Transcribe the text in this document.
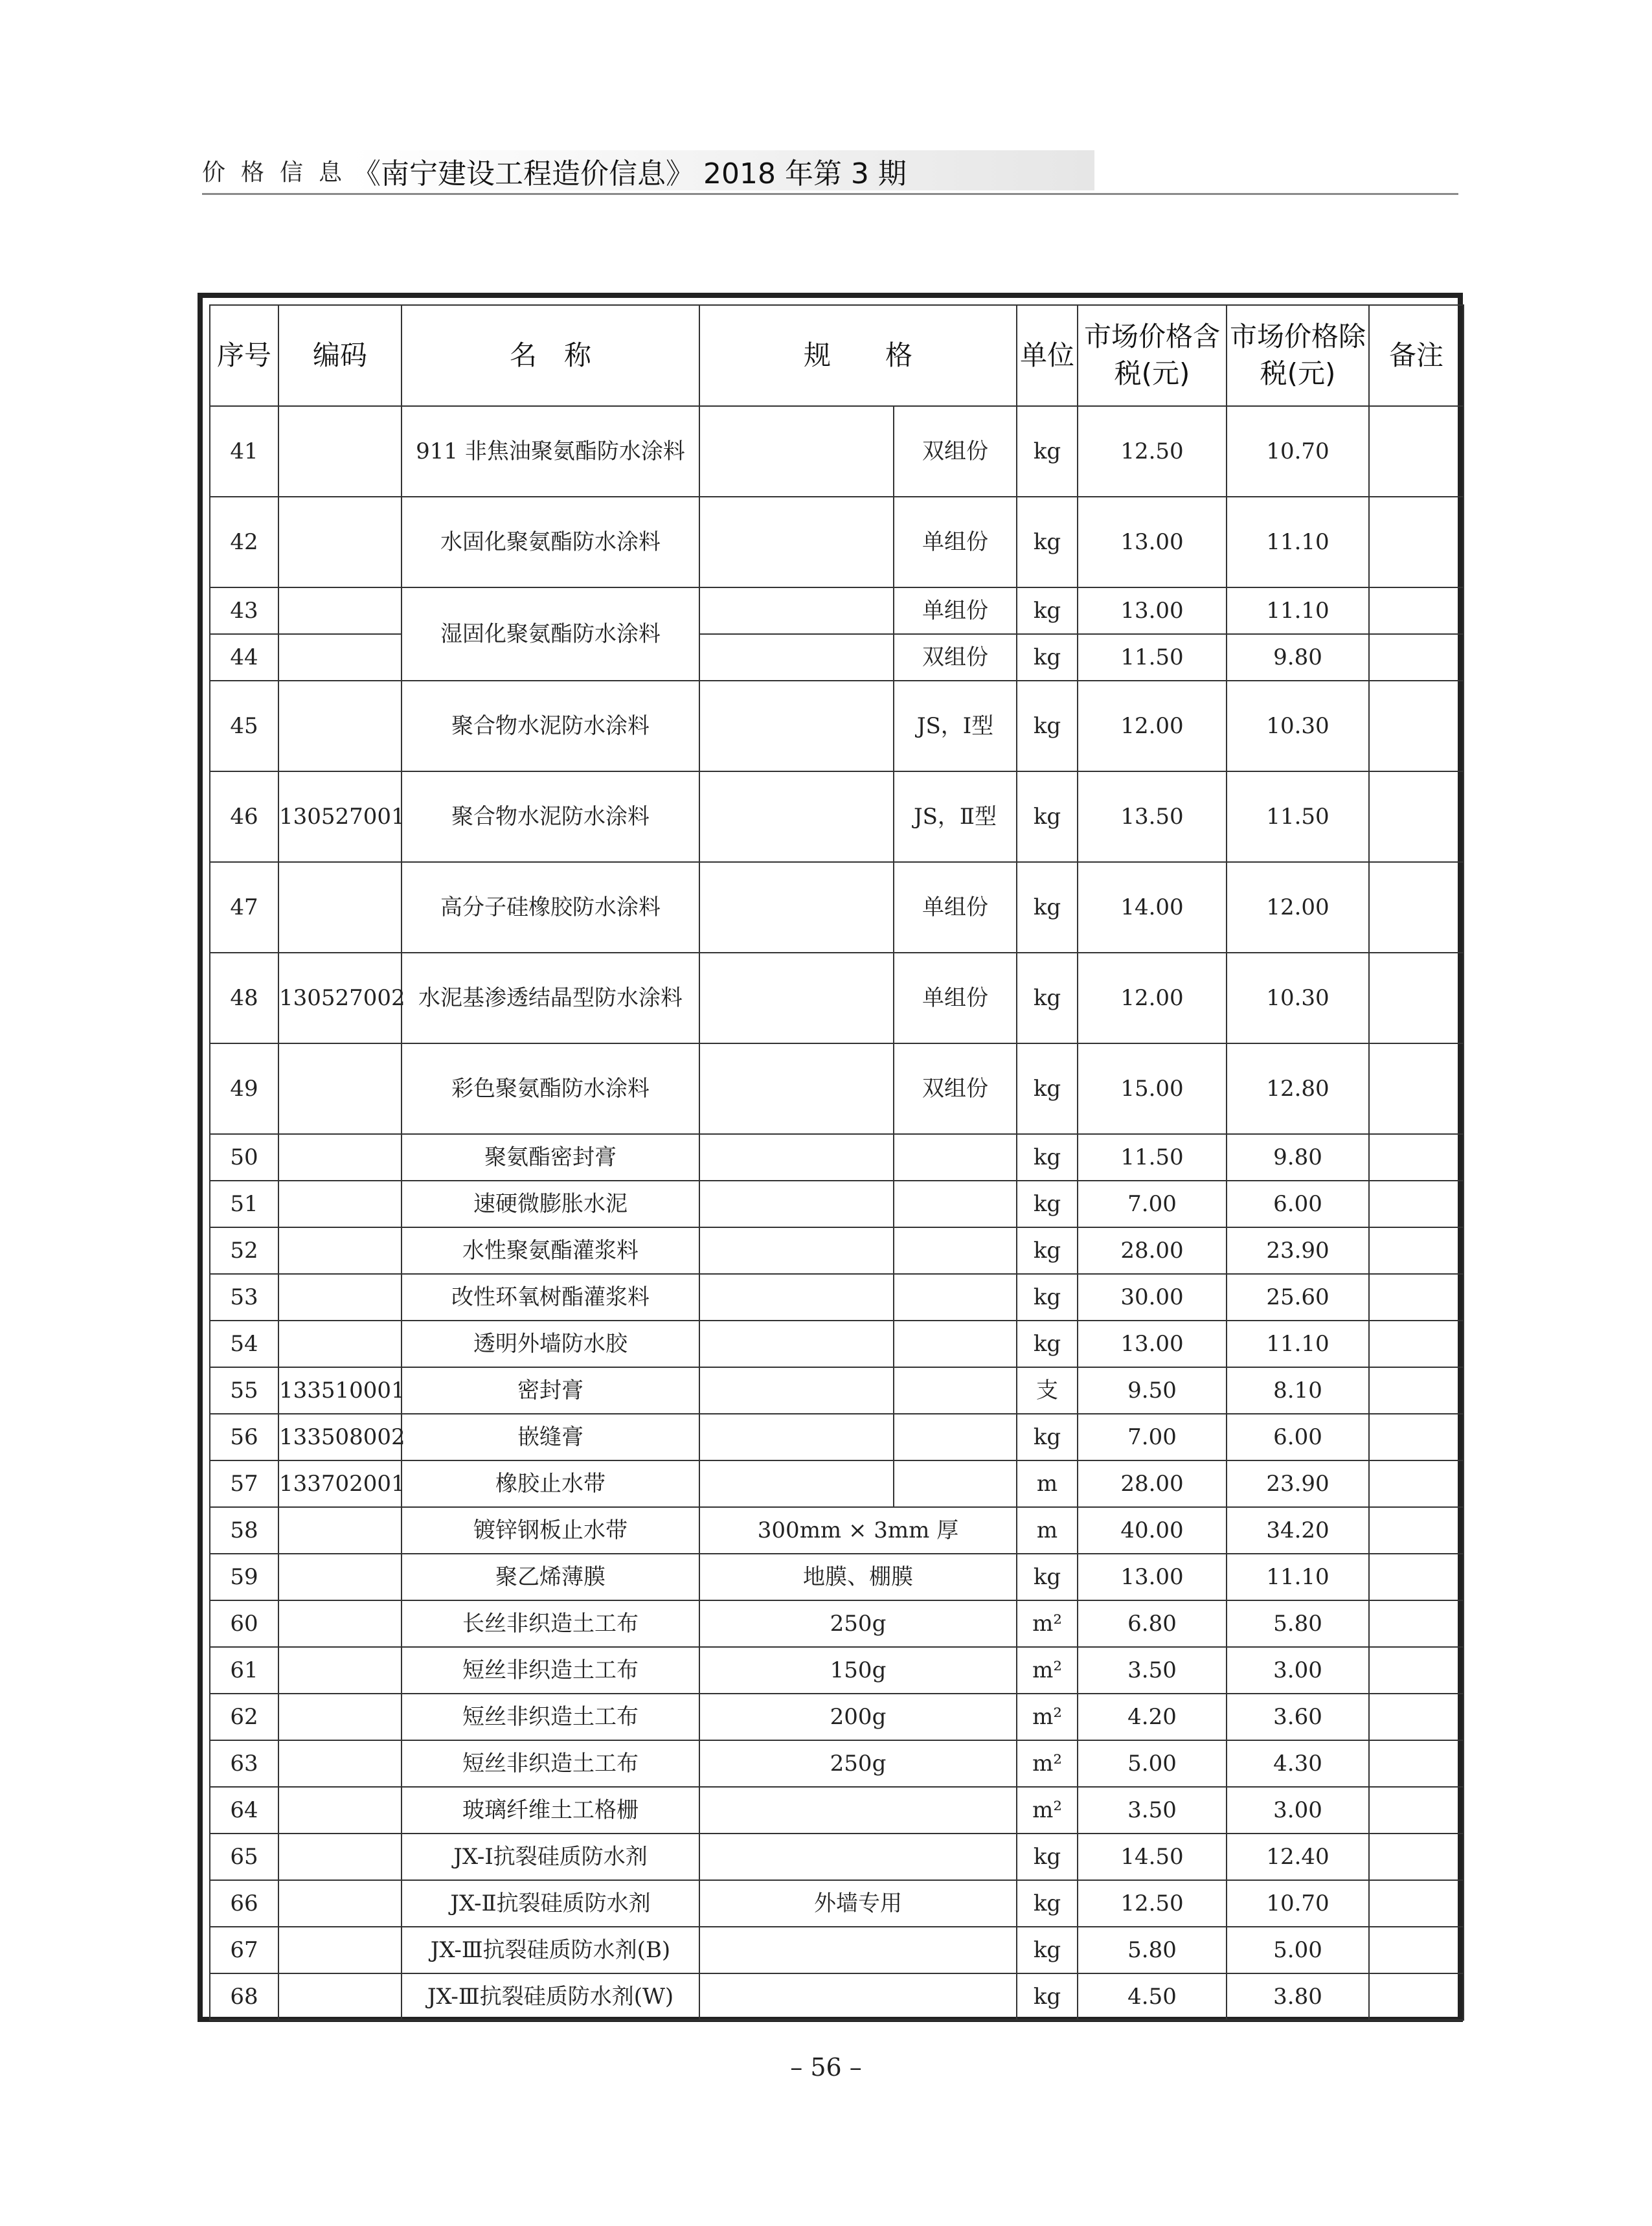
价格信息
《南宁建设工程造价信息》 2018 年第 3 期
序号	编码	名　称	规　　格		单位	市场价格含税(元)	市场价格除税(元)	备注
41		911 非焦油聚氨酯防水涂料		双组份	kg	12.50	10.70	
42		水固化聚氨酯防水涂料		单组份	kg	13.00	11.10	
43		湿固化聚氨酯防水涂料		单组份	kg	13.00	11.10	
44				双组份	kg	11.50	9.80	
45		聚合物水泥防水涂料		JS，Ⅰ型	kg	12.00	10.30	
46	130527001	聚合物水泥防水涂料		JS，Ⅱ型	kg	13.50	11.50	
47		高分子硅橡胶防水涂料		单组份	kg	14.00	12.00	
48	130527002	水泥基渗透结晶型防水涂料		单组份	kg	12.00	10.30	
49		彩色聚氨酯防水涂料		双组份	kg	15.00	12.80	
50		聚氨酯密封膏			kg	11.50	9.80	
51		速硬微膨胀水泥			kg	7.00	6.00	
52		水性聚氨酯灌浆料			kg	28.00	23.90	
53		改性环氧树酯灌浆料			kg	30.00	25.60	
54		透明外墙防水胶			kg	13.00	11.10	
55	133510001	密封膏			支	9.50	8.10	
56	133508002	嵌缝膏			kg	7.00	6.00	
57	133702001	橡胶止水带			m	28.00	23.90	
58		镀锌钢板止水带	300mm × 3mm 厚		m	40.00	34.20	
59		聚乙烯薄膜	地膜、棚膜		kg	13.00	11.10	
60		长丝非织造土工布	250g		m²	6.80	5.80	
61		短丝非织造土工布	150g		m²	3.50	3.00	
62		短丝非织造土工布	200g		m²	4.20	3.60	
63		短丝非织造土工布	250g		m²	5.00	4.30	
64		玻璃纤维土工格栅			m²	3.50	3.00	
65		JX-Ⅰ抗裂硅质防水剂			kg	14.50	12.40	
66		JX-Ⅱ抗裂硅质防水剂	外墙专用		kg	12.50	10.70	
67		JX-Ⅲ抗裂硅质防水剂(B)			kg	5.80	5.00	
68		JX-Ⅲ抗裂硅质防水剂(W)			kg	4.50	3.80	
– 56 –
